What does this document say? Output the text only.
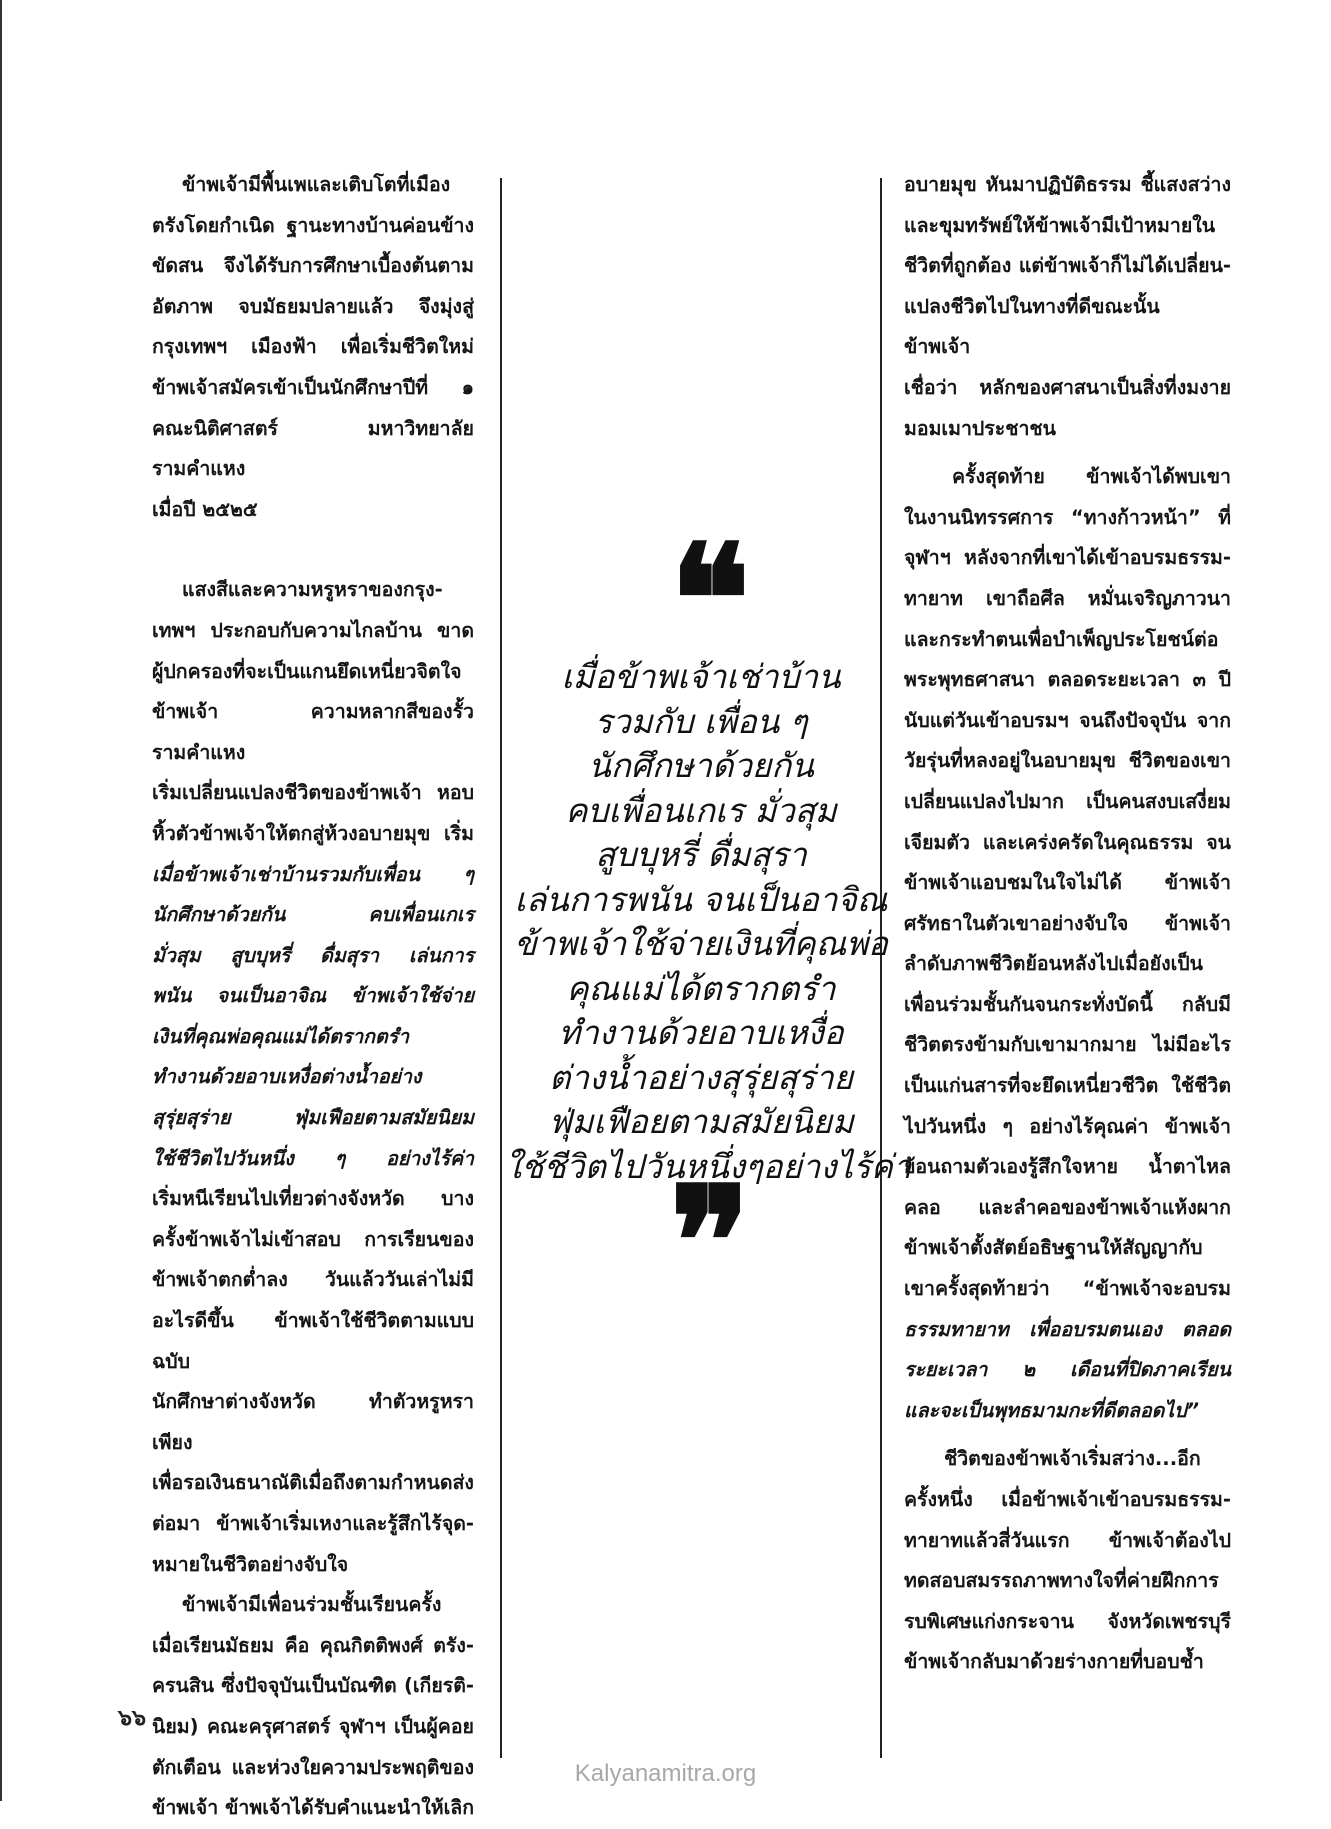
ข้าพเจ้ามีพื้นเพและเติบโตที่เมือง

ตรังโดยกำเนิด ฐานะทางบ้านค่อนข้าง

ขัดสน จึงได้รับการศึกษาเบื้องต้นตาม

อัตภาพ จบมัธยมปลายแล้ว จึงมุ่งสู่

กรุงเทพฯ เมืองฟ้า เพื่อเริ่มชีวิตใหม่

ข้าพเจ้าสมัครเข้าเป็นนักศึกษาปีที่ ๑

คณะนิติศาสตร์ มหาวิทยาลัยรามคำแหง

เมื่อปี ๒๕๒๕

แสงสีและความหรูหราของกรุง-

เทพฯ ประกอบกับความไกลบ้าน ขาด

ผู้ปกครองที่จะเป็นแกนยึดเหนี่ยวจิตใจ

ข้าพเจ้า ความหลากสีของรั้วรามคำแหง

เริ่มเปลี่ยนแปลงชีวิตของข้าพเจ้า หอบ

หิ้วตัวข้าพเจ้าให้ตกสู่ห้วงอบายมุข เริ่ม

เมื่อข้าพเจ้าเช่าบ้านรวมกับเพื่อน ๆ

นักศึกษาด้วยกัน คบเพื่อนเกเร

มั่วสุม สูบบุหรี่ ดื่มสุรา เล่นการ

พนัน จนเป็นอาจิณ ข้าพเจ้าใช้จ่าย

เงินที่คุณพ่อคุณแม่ได้ตรากตรำ

ทำงานด้วยอาบเหงื่อต่างน้ำอย่าง

สุรุ่ยสุร่าย ฟุ่มเฟือยตามสมัยนิยม

ใช้ชีวิตไปวันหนึ่ง ๆ อย่างไร้ค่า

เริ่มหนีเรียนไปเที่ยวต่างจังหวัด บาง

ครั้งข้าพเจ้าไม่เข้าสอบ การเรียนของ

ข้าพเจ้าตกต่ำลง วันแล้ววันเล่าไม่มี

อะไรดีขึ้น ข้าพเจ้าใช้ชีวิตตามแบบฉบับ

นักศึกษาต่างจังหวัด ทำตัวหรูหรา เพียง

เพื่อรอเงินธนาณัติเมื่อถึงตามกำหนดส่ง

ต่อมา ข้าพเจ้าเริ่มเหงาและรู้สึกไร้จุด-

หมายในชีวิตอย่างจับใจ

ข้าพเจ้ามีเพื่อนร่วมชั้นเรียนครั้ง

เมื่อเรียนมัธยม คือ คุณกิตติพงศ์ ตรัง-

ครนสิน ซึ่งปัจจุบันเป็นบัณฑิต (เกียรติ-

นิยม) คณะครุศาสตร์ จุฬาฯ เป็นผู้คอย

ตักเตือน และห่วงใยความประพฤติของ

ข้าพเจ้า ข้าพเจ้าได้รับคำแนะนำให้เลิก

❝
เมื่อข้าพเจ้าเช่าบ้าน
รวมกับ เพื่อน ๆ
นักศึกษาด้วยกัน
คบเพื่อนเกเร มั่วสุม
สูบบุหรี่ ดื่มสุรา
เล่นการพนัน จนเป็นอาจิณ
ข้าพเจ้าใช้จ่ายเงินที่คุณพ่อ
คุณแม่ได้ตรากตรำ
ทำงานด้วยอาบเหงื่อ
ต่างน้ำอย่างสุรุ่ยสุร่าย
ฟุ่มเฟือยตามสมัยนิยม
ใช้ชีวิตไปวันหนึ่งๆอย่างไร้ค่า
❞

อบายมุข หันมาปฏิบัติธรรม ชี้แสงสว่าง

และขุมทรัพย์ให้ข้าพเจ้ามีเป้าหมายใน

ชีวิตที่ถูกต้อง แต่ข้าพเจ้าก็ไม่ได้เปลี่ยน-

แปลงชีวิตไปในทางที่ดีขณะนั้น ข้าพเจ้า

เชื่อว่า หลักของศาสนาเป็นสิ่งที่งมงาย

มอมเมาประชาชน

ครั้งสุดท้าย ข้าพเจ้าได้พบเขา

ในงานนิทรรศการ “ทางก้าวหน้า” ที่

จุฬาฯ หลังจากที่เขาได้เข้าอบรมธรรม-

ทายาท เขาถือศีล หมั่นเจริญภาวนา

และกระทำตนเพื่อบำเพ็ญประโยชน์ต่อ

พระพุทธศาสนา ตลอดระยะเวลา ๓ ปี

นับแต่วันเข้าอบรมฯ จนถึงปัจจุบัน จาก

วัยรุ่นที่หลงอยู่ในอบายมุข ชีวิตของเขา

เปลี่ยนแปลงไปมาก เป็นคนสงบเสงี่ยม

เจียมตัว และเคร่งครัดในคุณธรรม จน

ข้าพเจ้าแอบชมในใจไม่ได้ ข้าพเจ้า

ศรัทธาในตัวเขาอย่างจับใจ ข้าพเจ้า

ลำดับภาพชีวิตย้อนหลังไปเมื่อยังเป็น

เพื่อนร่วมชั้นกันจนกระทั่งบัดนี้ กลับมี

ชีวิตตรงข้ามกับเขามากมาย ไม่มีอะไร

เป็นแก่นสารที่จะยึดเหนี่ยวชีวิต ใช้ชีวิต

ไปวันหนึ่ง ๆ อย่างไร้คุณค่า ข้าพเจ้า

ย้อนถามตัวเองรู้สึกใจหาย น้ำตาไหล

คลอ และลำคอของข้าพเจ้าแห้งผาก

ข้าพเจ้าตั้งสัตย์อธิษฐานให้สัญญากับ

เขาครั้งสุดท้ายว่า “ข้าพเจ้าจะอบรม

ธรรมทายาท เพื่ออบรมตนเอง ตลอด

ระยะเวลา ๒ เดือนที่ปิดภาคเรียน

และจะเป็นพุทธมามกะที่ดีตลอดไป”

ชีวิตของข้าพเจ้าเริ่มสว่าง...อีก

ครั้งหนึ่ง เมื่อข้าพเจ้าเข้าอบรมธรรม-

ทายาทแล้วสี่วันแรก ข้าพเจ้าต้องไป

ทดสอบสมรรถภาพทางใจที่ค่ายฝึกการ

รบพิเศษแก่งกระจาน จังหวัดเพชรบุรี

ข้าพเจ้ากลับมาด้วยร่างกายที่บอบช้ำ

๖๖
Kalyanamitra.org
